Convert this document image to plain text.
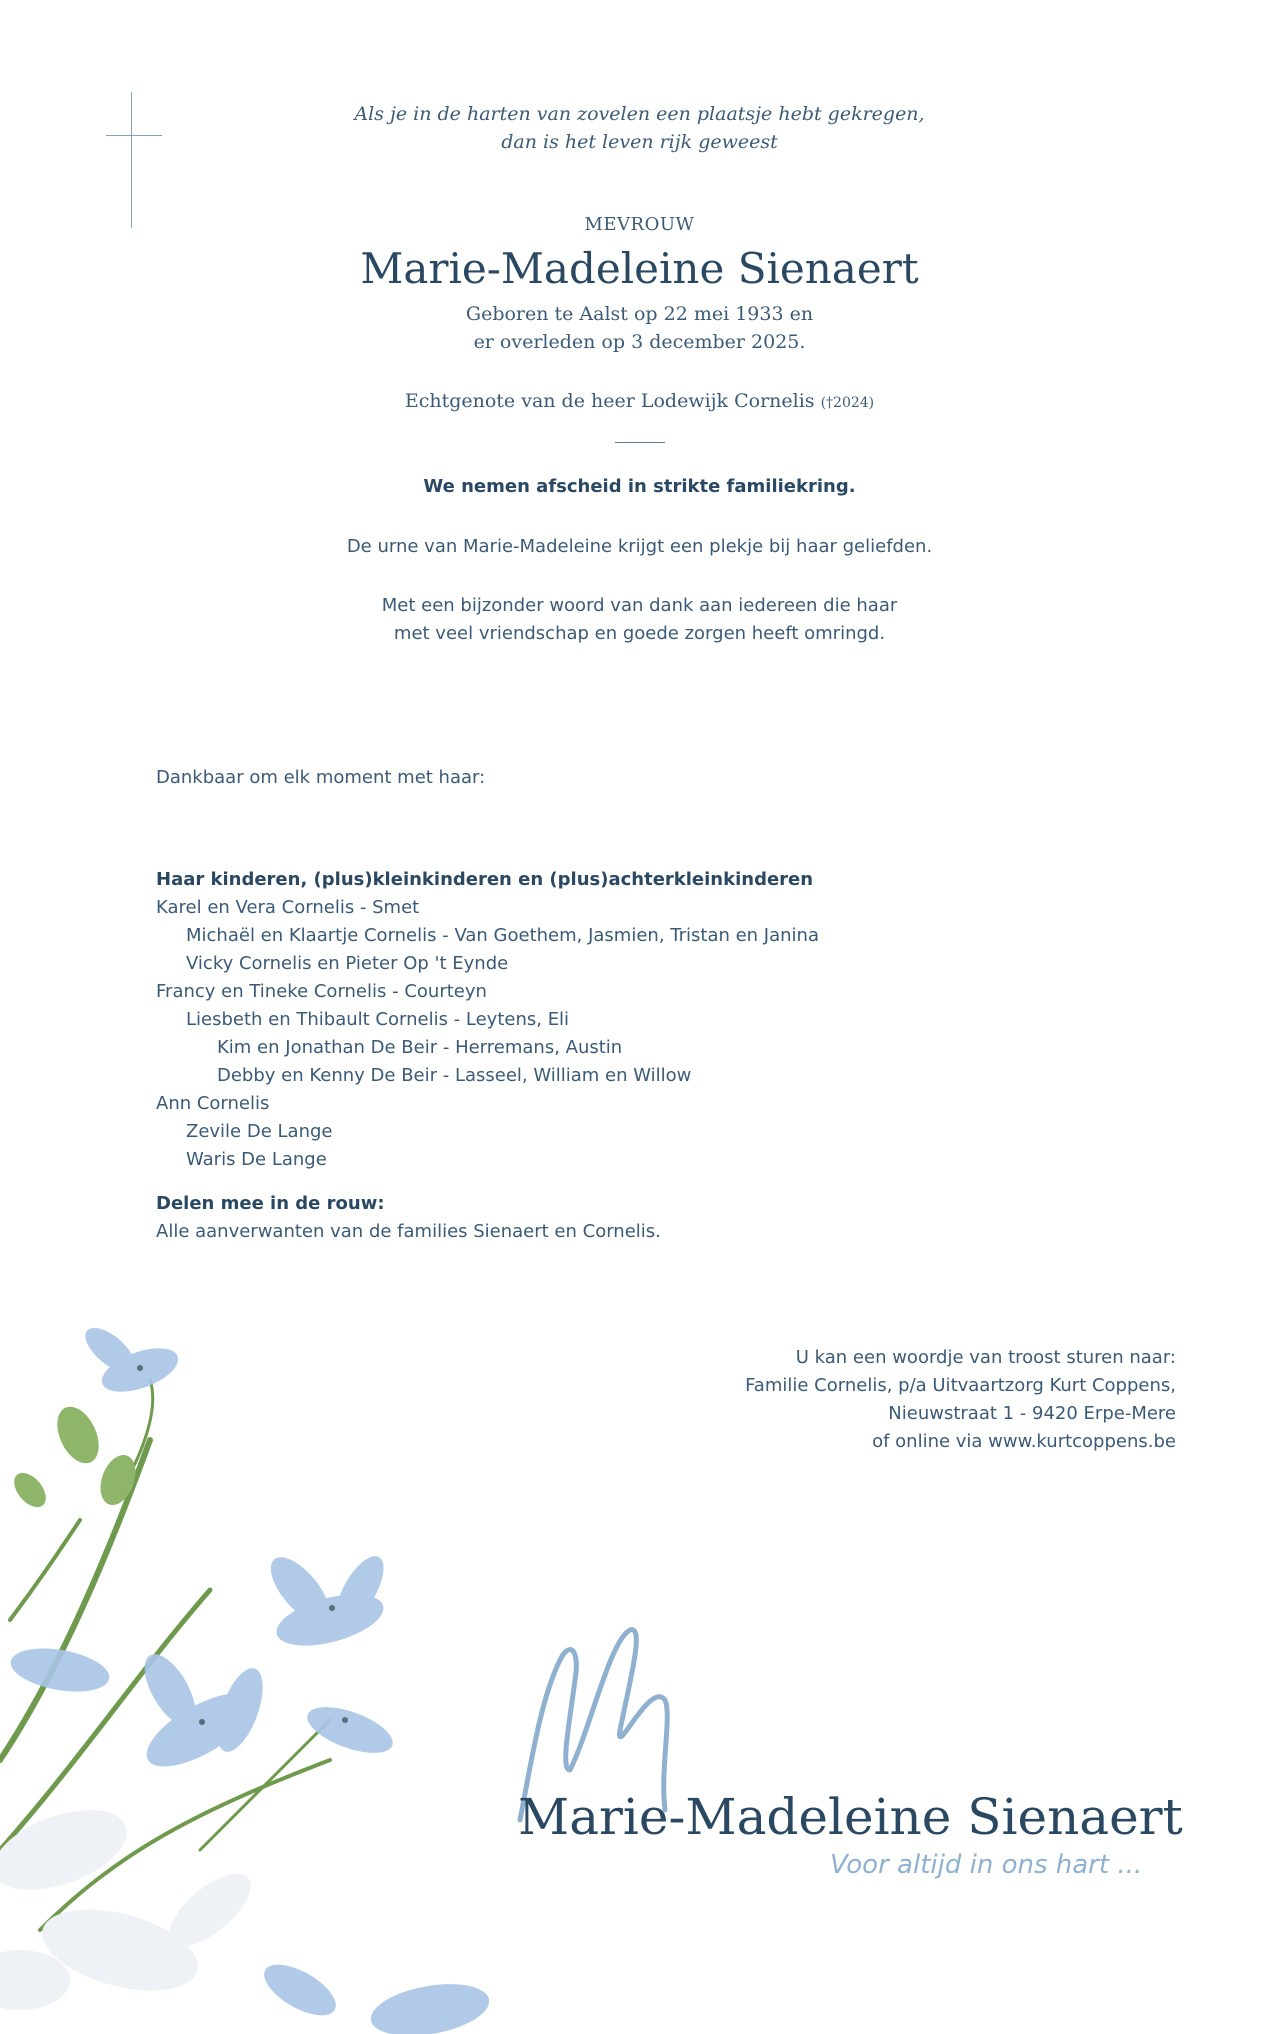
Als je in de harten van zovelen een plaatsje hebt gekregen,
dan is het leven rijk geweest
MEVROUW
Marie-Madeleine Sienaert
Geboren te Aalst op 22 mei 1933 en
er overleden op 3 december 2025.
Echtgenote van de heer Lodewijk Cornelis (†2024)
We nemen afscheid in strikte familiekring.
De urne van Marie-Madeleine krijgt een plekje bij haar geliefden.
Met een bijzonder woord van dank aan iedereen die haar
met veel vriendschap en goede zorgen heeft omringd.
Dankbaar om elk moment met haar:
Haar kinderen, (plus)kleinkinderen en (plus)achterkleinkinderen
Karel en Vera Cornelis - Smet
Michaël en Klaartje Cornelis - Van Goethem, Jasmien, Tristan en Janina
Vicky Cornelis en Pieter Op 't Eynde
Francy en Tineke Cornelis - Courteyn
Liesbeth en Thibault Cornelis - Leytens, Eli
Kim en Jonathan De Beir - Herremans, Austin
Debby en Kenny De Beir - Lasseel, William en Willow
Ann Cornelis
Zevile De Lange
Waris De Lange
Delen mee in de rouw:
Alle aanverwanten van de families Sienaert en Cornelis.
U kan een woordje van troost sturen naar:
Familie Cornelis, p/a Uitvaartzorg Kurt Coppens,
Nieuwstraat 1 - 9420 Erpe-Mere
of online via www.kurtcoppens.be
Marie-Madeleine Sienaert
Voor altijd in ons hart ...
